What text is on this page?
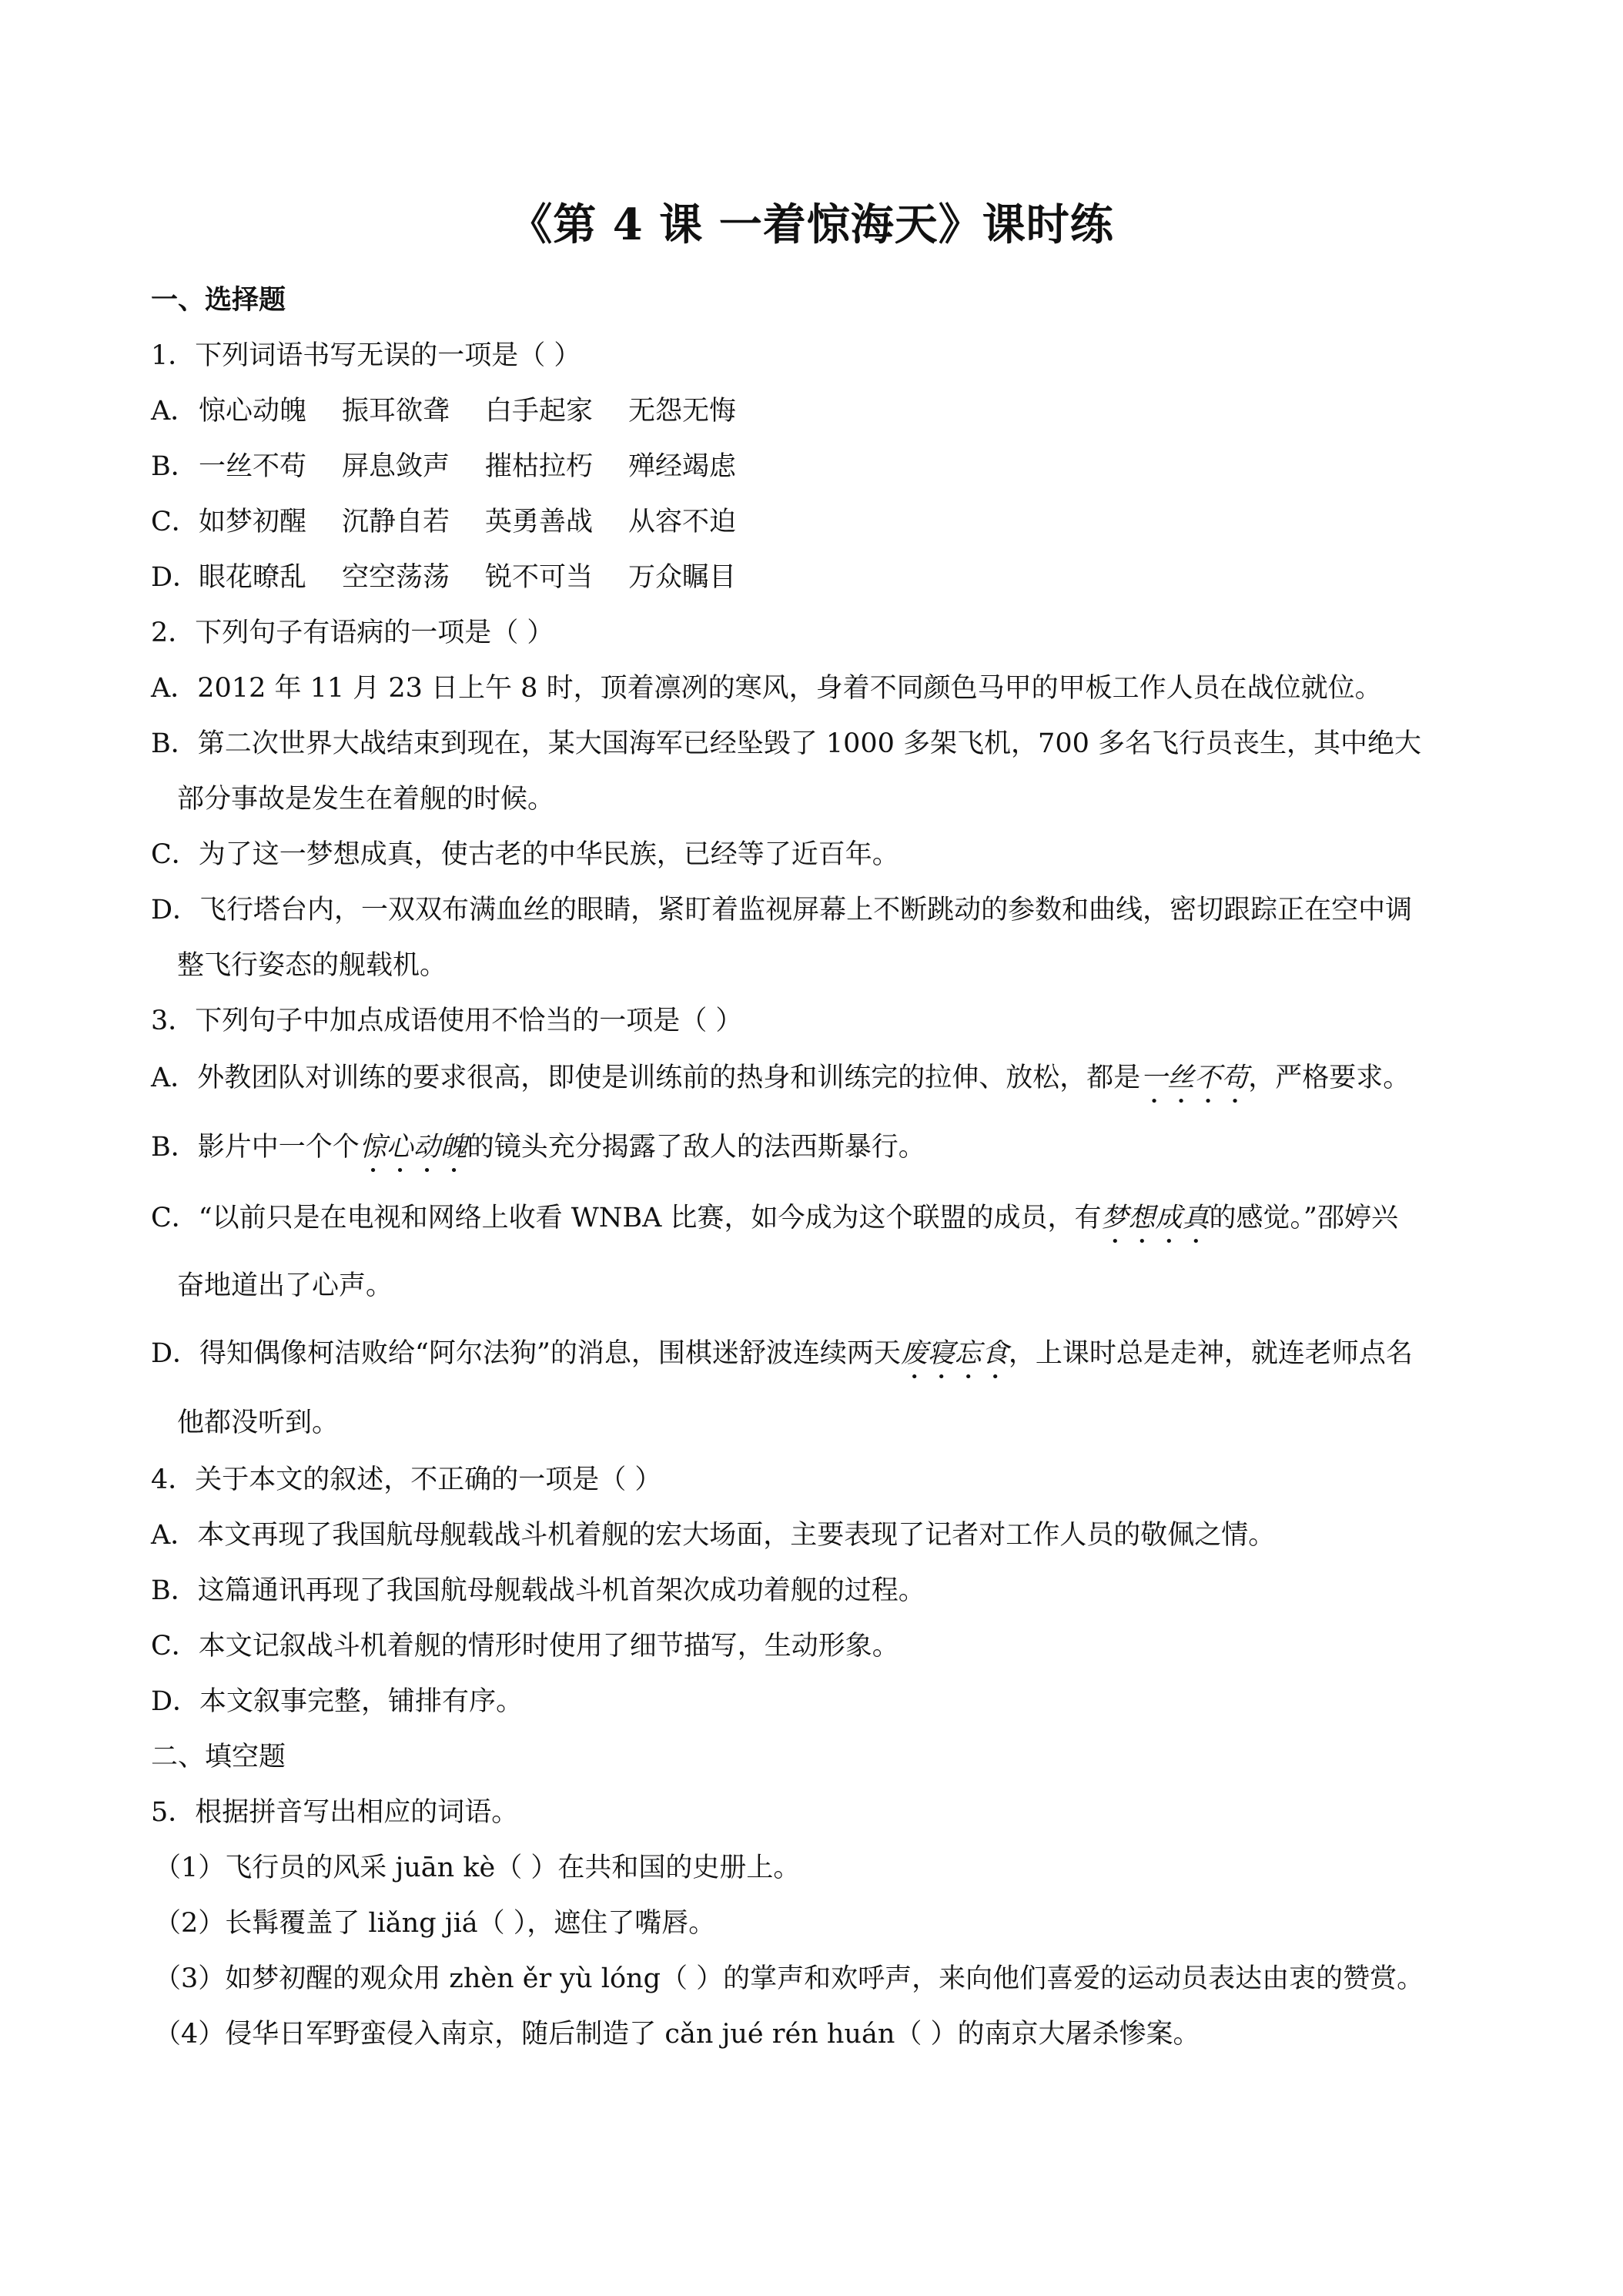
《第 4 课 一着惊海天》课时练
一、选择题
1．下列词语书写无误的一项是（ ）
A．惊心动魄 振耳欲聋 白手起家 无怨无悔
B．一丝不苟 屏息敛声 摧枯拉朽 殚经竭虑
C．如梦初醒 沉静自若 英勇善战 从容不迫
D．眼花暸乱 空空荡荡 锐不可当 万众瞩目
2．下列句子有语病的一项是（ ）
A．2012 年 11 月 23 日上午 8 时，顶着凛冽的寒风，身着不同颜色马甲的甲板工作人员在战位就位。
B．第二次世界大战结束到现在，某大国海军已经坠毁了 1000 多架飞机，700 多名飞行员丧生，其中绝大
部分事故是发生在着舰的时候。
C．为了这一梦想成真，使古老的中华民族，已经等了近百年。
D．飞行塔台内，一双双布满血丝的眼睛，紧盯着监视屏幕上不断跳动的参数和曲线，密切跟踪正在空中调
整飞行姿态的舰载机。
3．下列句子中加点成语使用不恰当的一项是（ ）
A．外教团队对训练的要求很高，即使是训练前的热身和训练完的拉伸、放松，都是一丝不苟，严格要求。
B．影片中一个个惊心动魄的镜头充分揭露了敌人的法西斯暴行。
C．“以前只是在电视和网络上收看 WNBA 比赛，如今成为这个联盟的成员，有梦想成真的感觉。”邵婷兴
奋地道出了心声。
D．得知偶像柯洁败给“阿尔法狗”的消息，围棋迷舒波连续两天废寝忘食，上课时总是走神，就连老师点名
他都没听到。
4．关于本文的叙述，不正确的一项是（ ）
A．本文再现了我国航母舰载战斗机着舰的宏大场面，主要表现了记者对工作人员的敬佩之情。
B．这篇通讯再现了我国航母舰载战斗机首架次成功着舰的过程。
C．本文记叙战斗机着舰的情形时使用了细节描写，生动形象。
D．本文叙事完整，铺排有序。
二、填空题
5．根据拼音写出相应的词语。
（1）飞行员的风采 juān kè（ ）在共和国的史册上。
（2）长髯覆盖了 liǎng jiá（ ），遮住了嘴唇。
（3）如梦初醒的观众用 zhèn ěr yù lóng（ ）的掌声和欢呼声，来向他们喜爱的运动员表达由衷的赞赏。
（4）侵华日军野蛮侵入南京，随后制造了 cǎn jué rén huán（ ）的南京大屠杀惨案。
